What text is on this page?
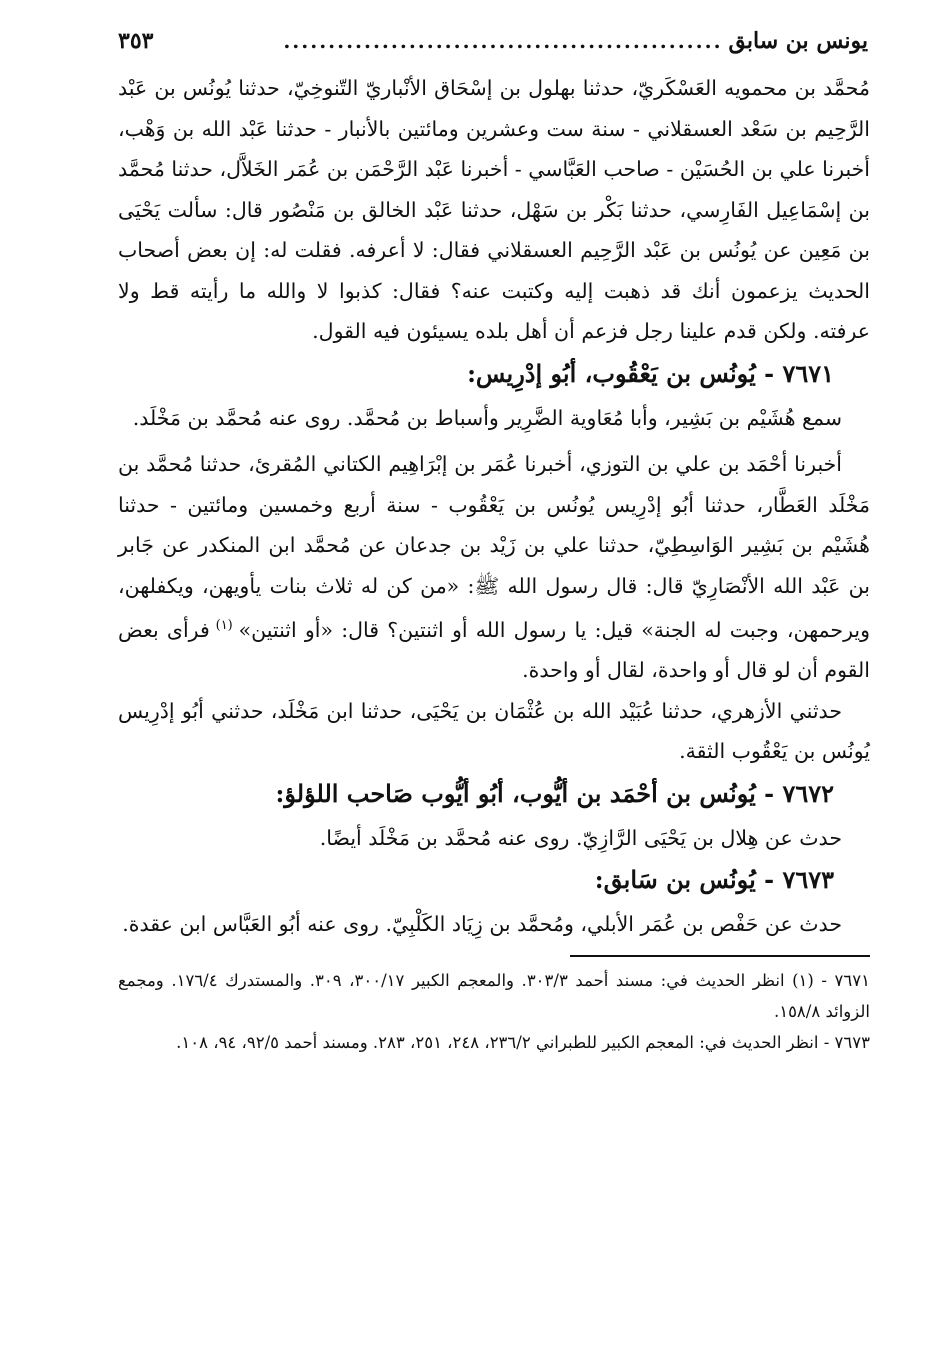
يونس بن سابق
.................................................
٣٥٣

مُحمَّد بن محمويه العَسْكَريّ، حدثنا بهلول بن إسْحَاق الأنْباريّ التّنوخِيّ، حدثنا يُونُس بن عَبْد الرَّحِيم بن سَعْد العسقلاني - سنة ست وعشرين ومائتين بالأنبار - حدثنا عَبْد الله بن وَهْب، أخبرنا علي بن الحُسَيْن - صاحب العَبَّاسي - أخبرنا عَبْد الرَّحْمَن بن عُمَر الخَلاَّل، حدثنا مُحمَّد بن إسْمَاعِيل الفَارِسي، حدثنا بَكْر بن سَهْل، حدثنا عَبْد الخالق بن مَنْصُور قال: سألت يَحْيَى بن مَعِين عن يُونُس بن عَبْد الرَّحِيم العسقلاني فقال: لا أعرفه. فقلت له: إن بعض أصحاب الحديث يزعمون أنك قد ذهبت إليه وكتبت عنه؟ فقال: كذبوا لا والله ما رأيته قط ولا عرفته. ولكن قدم علينا رجل فزعم أن أهل بلده يسيئون فيه القول.

٧٦٧١ - يُونُس بن يَعْقُوب، أبُو إدْرِيس:

سمع هُشَيْم بن بَشِير، وأبا مُعَاوية الضَّرِير وأسباط بن مُحمَّد. روى عنه مُحمَّد بن مَخْلَد.

أخبرنا أحْمَد بن علي بن التوزي، أخبرنا عُمَر بن إبْرَاهِيم الكتاني المُقرئ، حدثنا مُحمَّد بن مَخْلَد العَطَّار، حدثنا أبُو إدْرِيس يُونُس بن يَعْقُوب - سنة أربع وخمسين ومائتين - حدثنا هُشَيْم بن بَشِير الوَاسِطِيّ، حدثنا علي بن زَيْد بن جدعان عن مُحمَّد ابن المنكدر عن جَابر بن عَبْد الله الأنْصَارِيّ قال: قال رسول الله ﷺ: «من كن له ثلاث بنات يأويهن، ويكفلهن، ويرحمهن، وجبت له الجنة» قيل: يا رسول الله أو اثنتين؟ قال: «أو اثنتين» $^{(١)}$ فرأى بعض القوم أن لو قال أو واحدة، لقال أو واحدة.

حدثني الأزهري، حدثنا عُبَيْد الله بن عُثْمَان بن يَحْيَى، حدثنا ابن مَخْلَد، حدثني أبُو إدْرِيس يُونُس بن يَعْقُوب الثقة.

٧٦٧٢ - يُونُس بن أحْمَد بن أيُّوب، أبُو أيُّوب صَاحب اللؤلؤ:

حدث عن هِلال بن يَحْيَى الرَّازِيّ. روى عنه مُحمَّد بن مَخْلَد أيضًا.

٧٦٧٣ - يُونُس بن سَابق:

حدث عن حَفْص بن عُمَر الأبلي، ومُحمَّد بن زِيَاد الكَلْبِيّ. روى عنه أبُو العَبَّاس ابن عقدة.

٧٦٧١ - (١) انظر الحديث في: مسند أحمد ٣٠٣/٣. والمعجم الكبير ٣٠٠/١٧، ٣٠٩. والمستدرك ١٧٦/٤. ومجمع الزوائد ١٥٨/٨.
٧٦٧٣ - انظر الحديث في: المعجم الكبير للطبراني ٢٣٦/٢، ٢٤٨، ٢٥١، ٢٨٣. ومسند أحمد ٩٢/٥، ٩٤، ١٠٨.
